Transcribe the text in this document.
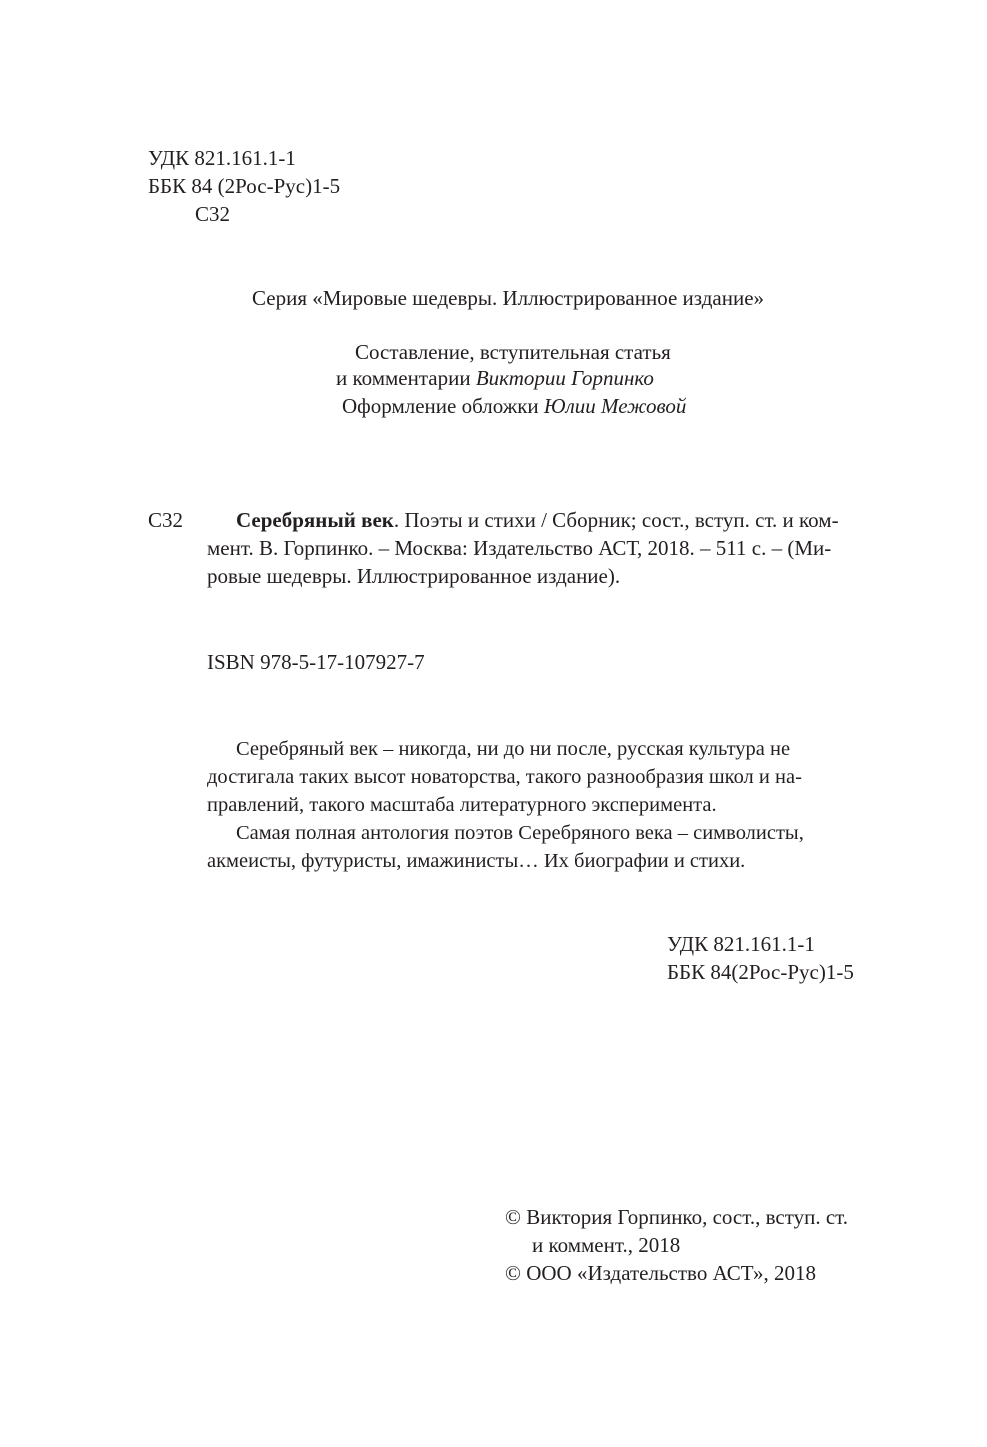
УДК 821.161.1-1
ББК 84 (2Рос-Рус)1-5
С32
Серия «Мировые шедевры. Иллюстрированное издание»
Составление, вступительная статья
и комментарии Виктории Горпинко
Оформление обложки Юлии Межовой
С32	Серебряный век. Поэты и стихи / Сборник; сост., вступ. ст. и ком-
мент. В. Горпинко. – Москва: Издательство АСТ, 2018. – 511 с. – (Ми-
ровые шедевры. Иллюстрированное издание).
ISBN 978-5-17-107927-7
Серебряный век – никогда, ни до ни после, русская культура не
достигала таких высот новаторства, такого разнообразия школ и на-
правлений, такого масштаба литературного эксперимента.
Самая полная антология поэтов Серебряного века – символисты,
акмеисты, футуристы, имажинисты… Их биографии и стихи.
УДК 821.161.1-1
ББК 84(2Рос-Рус)1-5
© Виктория Горпинко, сост., вступ. ст.
и коммент., 2018
© ООО «Издательство АСТ», 2018
